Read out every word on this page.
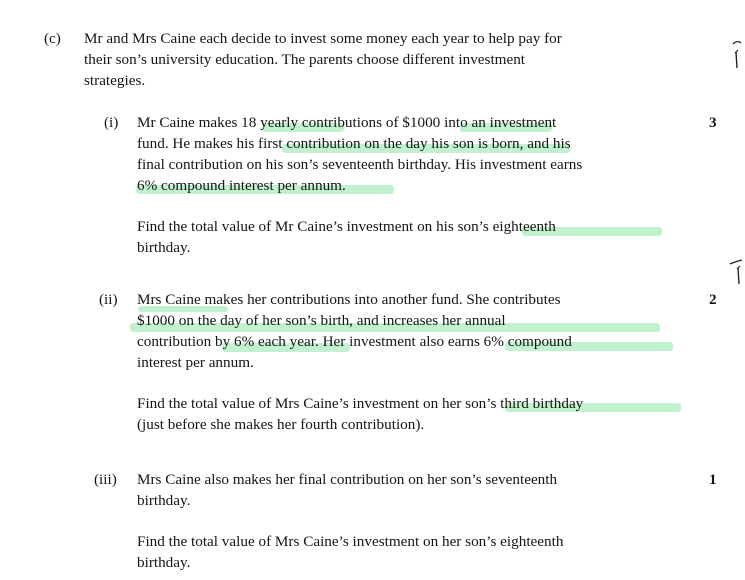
(c) Mr and Mrs Caine each decide to invest some money each year to help pay for
their son’s university education. The parents choose different investment
strategies.
(i)	3
Mr Caine makes 18 yearly contributions of $1000 into an investment
fund. He makes his first contribution on the day his son is born, and his
final contribution on his son’s seventeenth birthday. His investment earns
6% compound interest per annum.
Find the total value of Mr Caine’s investment on his son’s eighteenth
birthday.
(ii)	2
Mrs Caine makes her contributions into another fund. She contributes
$1000 on the day of her son’s birth, and increases her annual
contribution by 6% each year. Her investment also earns 6% compound
interest per annum.
Find the total value of Mrs Caine’s investment on her son’s third birthday
(just before she makes her fourth contribution).
(iii)	1
Mrs Caine also makes her final contribution on her son’s seventeenth
birthday.
Find the total value of Mrs Caine’s investment on her son’s eighteenth
birthday.
